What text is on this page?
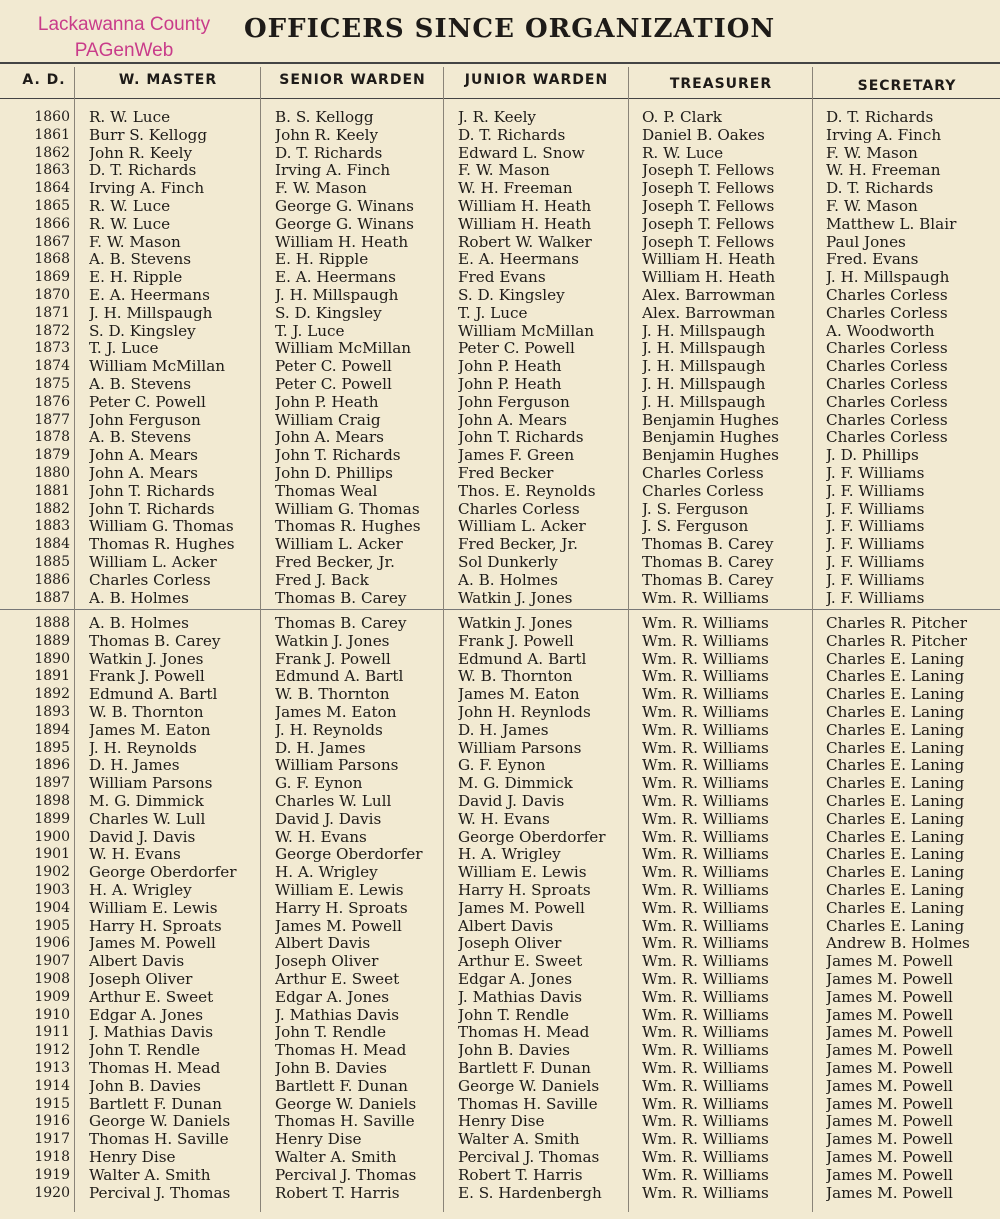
Lackawanna County
PAGenWeb
OFFICERS SINCE ORGANIZATION
A. D.	W. MASTER	SENIOR WARDEN	JUNIOR WARDEN	TREASURER	SECRETARY
1860 R. W. Luce	B. S. Kellogg	J. R. Keely	O. P. Clark	D. T. Richards
1861 Burr S. Kellogg	John R. Keely	D. T. Richards	Daniel B. Oakes	Irving A. Finch
1862 John R. Keely	D. T. Richards	Edward L. Snow	R. W. Luce	F. W. Mason
1863 D. T. Richards	Irving A. Finch	F. W. Mason	Joseph T. Fellows	W. H. Freeman
1864 Irving A. Finch	F. W. Mason	W. H. Freeman	Joseph T. Fellows	D. T. Richards
1865 R. W. Luce	George G. Winans	William H. Heath	Joseph T. Fellows	F. W. Mason
1866 R. W. Luce	George G. Winans	William H. Heath	Joseph T. Fellows	Matthew L. Blair
1867 F. W. Mason	William H. Heath	Robert W. Walker	Joseph T. Fellows	Paul Jones
1868 A. B. Stevens	E. H. Ripple	E. A. Heermans	William H. Heath	Fred. Evans
1869 E. H. Ripple	E. A. Heermans	Fred Evans	William H. Heath	J. H. Millspaugh
1870 E. A. Heermans	J. H. Millspaugh	S. D. Kingsley	Alex. Barrowman	Charles Corless
1871 J. H. Millspaugh	S. D. Kingsley	T. J. Luce	Alex. Barrowman	Charles Corless
1872 S. D. Kingsley	T. J. Luce	William McMillan	J. H. Millspaugh	A. Woodworth
1873 T. J. Luce	William McMillan	Peter C. Powell	J. H. Millspaugh	Charles Corless
1874 William McMillan	Peter C. Powell	John P. Heath	J. H. Millspaugh	Charles Corless
1875 A. B. Stevens	Peter C. Powell	John P. Heath	J. H. Millspaugh	Charles Corless
1876 Peter C. Powell	John P. Heath	John Ferguson	J. H. Millspaugh	Charles Corless
1877 John Ferguson	William Craig	John A. Mears	Benjamin Hughes	Charles Corless
1878 A. B. Stevens	John A. Mears	John T. Richards	Benjamin Hughes	Charles Corless
1879 John A. Mears	John T. Richards	James F. Green	Benjamin Hughes	J. D. Phillips
1880 John A. Mears	John D. Phillips	Fred Becker	Charles Corless	J. F. Williams
1881 John T. Richards	Thomas Weal	Thos. E. Reynolds	Charles Corless	J. F. Williams
1882 John T. Richards	William G. Thomas	Charles Corless	J. S. Ferguson	J. F. Williams
1883 William G. Thomas	Thomas R. Hughes	William L. Acker	J. S. Ferguson	J. F. Williams
1884 Thomas R. Hughes	William L. Acker	Fred Becker, Jr.	Thomas B. Carey	J. F. Williams
1885 William L. Acker	Fred Becker, Jr.	Sol Dunkerly	Thomas B. Carey	J. F. Williams
1886 Charles Corless	Fred J. Back	A. B. Holmes	Thomas B. Carey	J. F. Williams
1887 A. B. Holmes	Thomas B. Carey	Watkin J. Jones	Wm. R. Williams	J. F. Williams
1888 A. B. Holmes	Thomas B. Carey	Watkin J. Jones	Wm. R. Williams	Charles R. Pitcher
1889 Thomas B. Carey	Watkin J. Jones	Frank J. Powell	Wm. R. Williams	Charles R. Pitcher
1890 Watkin J. Jones	Frank J. Powell	Edmund A. Bartl	Wm. R. Williams	Charles E. Laning
1891 Frank J. Powell	Edmund A. Bartl	W. B. Thornton	Wm. R. Williams	Charles E. Laning
1892 Edmund A. Bartl	W. B. Thornton	James M. Eaton	Wm. R. Williams	Charles E. Laning
1893 W. B. Thornton	James M. Eaton	John H. Reynlods	Wm. R. Williams	Charles E. Laning
1894 James M. Eaton	J. H. Reynolds	D. H. James	Wm. R. Williams	Charles E. Laning
1895 J. H. Reynolds	D. H. James	William Parsons	Wm. R. Williams	Charles E. Laning
1896 D. H. James	William Parsons	G. F. Eynon	Wm. R. Williams	Charles E. Laning
1897 William Parsons	G. F. Eynon	M. G. Dimmick	Wm. R. Williams	Charles E. Laning
1898 M. G. Dimmick	Charles W. Lull	David J. Davis	Wm. R. Williams	Charles E. Laning
1899 Charles W. Lull	David J. Davis	W. H. Evans	Wm. R. Williams	Charles E. Laning
1900 David J. Davis	W. H. Evans	George Oberdorfer	Wm. R. Williams	Charles E. Laning
1901 W. H. Evans	George Oberdorfer	H. A. Wrigley	Wm. R. Williams	Charles E. Laning
1902 George Oberdorfer	H. A. Wrigley	William E. Lewis	Wm. R. Williams	Charles E. Laning
1903 H. A. Wrigley	William E. Lewis	Harry H. Sproats	Wm. R. Williams	Charles E. Laning
1904 William E. Lewis	Harry H. Sproats	James M. Powell	Wm. R. Williams	Charles E. Laning
1905 Harry H. Sproats	James M. Powell	Albert Davis	Wm. R. Williams	Charles E. Laning
1906 James M. Powell	Albert Davis	Joseph Oliver	Wm. R. Williams	Andrew B. Holmes
1907 Albert Davis	Joseph Oliver	Arthur E. Sweet	Wm. R. Williams	James M. Powell
1908 Joseph Oliver	Arthur E. Sweet	Edgar A. Jones	Wm. R. Williams	James M. Powell
1909 Arthur E. Sweet	Edgar A. Jones	J. Mathias Davis	Wm. R. Williams	James M. Powell
1910 Edgar A. Jones	J. Mathias Davis	John T. Rendle	Wm. R. Williams	James M. Powell
1911 J. Mathias Davis	John T. Rendle	Thomas H. Mead	Wm. R. Williams	James M. Powell
1912 John T. Rendle	Thomas H. Mead	John B. Davies	Wm. R. Williams	James M. Powell
1913 Thomas H. Mead	John B. Davies	Bartlett F. Dunan	Wm. R. Williams	James M. Powell
1914 John B. Davies	Bartlett F. Dunan	George W. Daniels	Wm. R. Williams	James M. Powell
1915 Bartlett F. Dunan	George W. Daniels	Thomas H. Saville	Wm. R. Williams	James M. Powell
1916 George W. Daniels	Thomas H. Saville	Henry Dise	Wm. R. Williams	James M. Powell
1917 Thomas H. Saville	Henry Dise	Walter A. Smith	Wm. R. Williams	James M. Powell
1918 Henry Dise	Walter A. Smith	Percival J. Thomas	Wm. R. Williams	James M. Powell
1919 Walter A. Smith	Percival J. Thomas	Robert T. Harris	Wm. R. Williams	James M. Powell
1920 Percival J. Thomas	Robert T. Harris	E. S. Hardenbergh	Wm. R. Williams	James M. Powell
